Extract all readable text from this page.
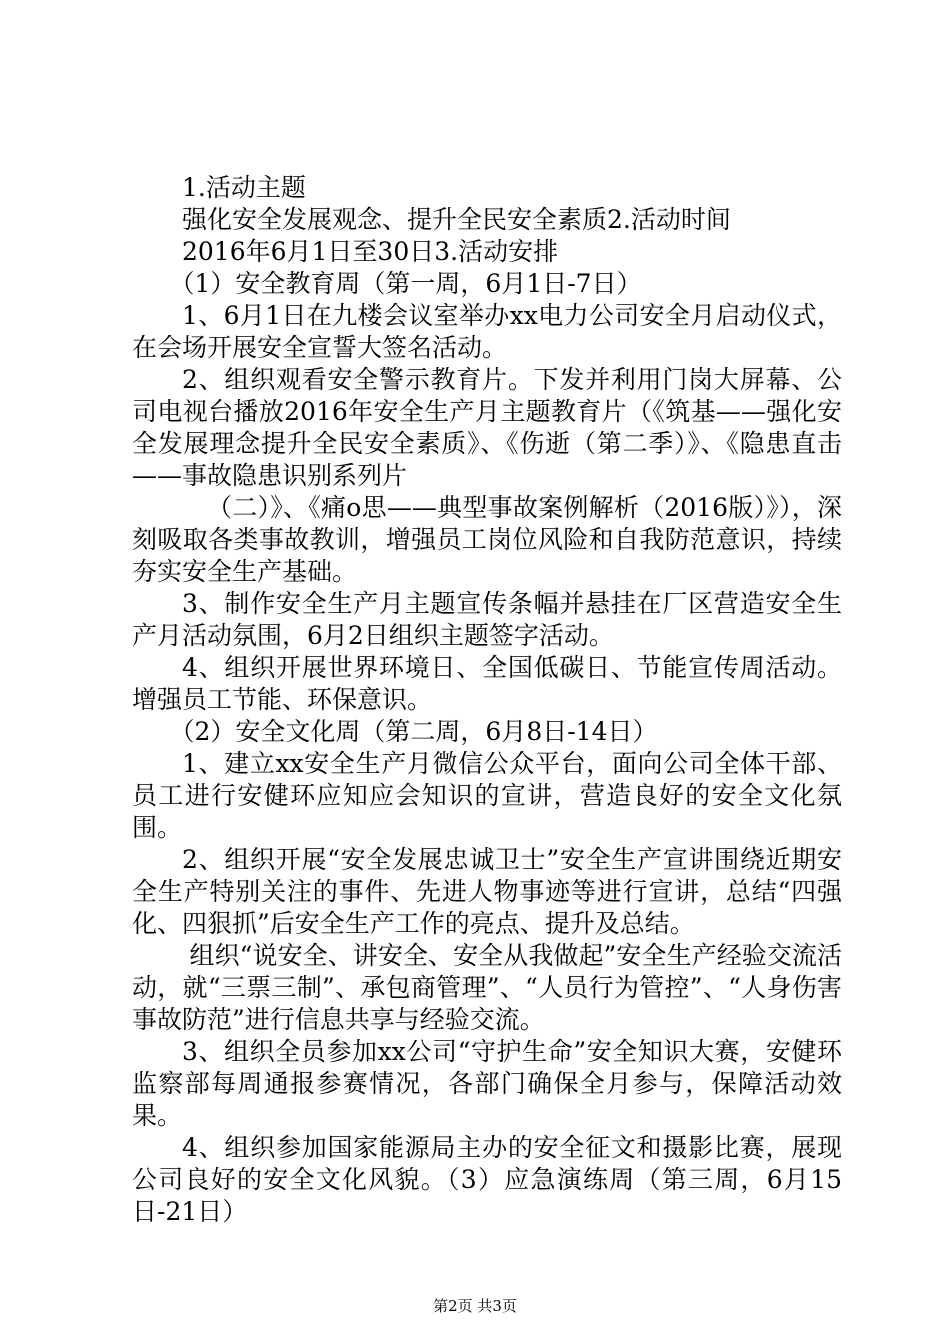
1.活动主题

强化安全发展观念、提升全民安全素质2.活动时间

2016年6月1日至30日3.活动安排

（1）安全教育周（第一周，6月1日-7日）

1、6月1日在九楼会议室举办xx电力公司安全月启动仪式，在会场开展安全宣誓大签名活动。

2、组织观看安全警示教育片。下发并利用门岗大屏幕、公司电视台播放2016年安全生产月主题教育片（《筑基——强化安全发展理念提升全民安全素质》、《伤逝（第二季）》、《隐患直击——事故隐患识别系列片

（二）》、《痛o思——典型事故案例解析（2016版）》），深刻吸取各类事故教训，增强员工岗位风险和自我防范意识，持续夯实安全生产基础。

3、制作安全生产月主题宣传条幅并悬挂在厂区营造安全生产月活动氛围，6月2日组织主题签字活动。

4、组织开展世界环境日、全国低碳日、节能宣传周活动。增强员工节能、环保意识。

（2）安全文化周（第二周，6月8日-14日）

1、建立xx安全生产月微信公众平台，面向公司全体干部、员工进行安健环应知应会知识的宣讲，营造良好的安全文化氛围。

2、组织开展“安全发展忠诚卫士”安全生产宣讲围绕近期安全生产特别关注的事件、先进人物事迹等进行宣讲，总结“四强化、四狠抓”后安全生产工作的亮点、提升及总结。

组织“说安全、讲安全、安全从我做起”安全生产经验交流活动，就“三票三制”、承包商管理”、“人员行为管控”、“人身伤害事故防范”进行信息共享与经验交流。

3、组织全员参加xx公司“守护生命”安全知识大赛，安健环监察部每周通报参赛情况，各部门确保全月参与，保障活动效果。

4、组织参加国家能源局主办的安全征文和摄影比赛，展现公司良好的安全文化风貌。（3）应急演练周（第三周，6月15日-21日）

第2页 共3页
